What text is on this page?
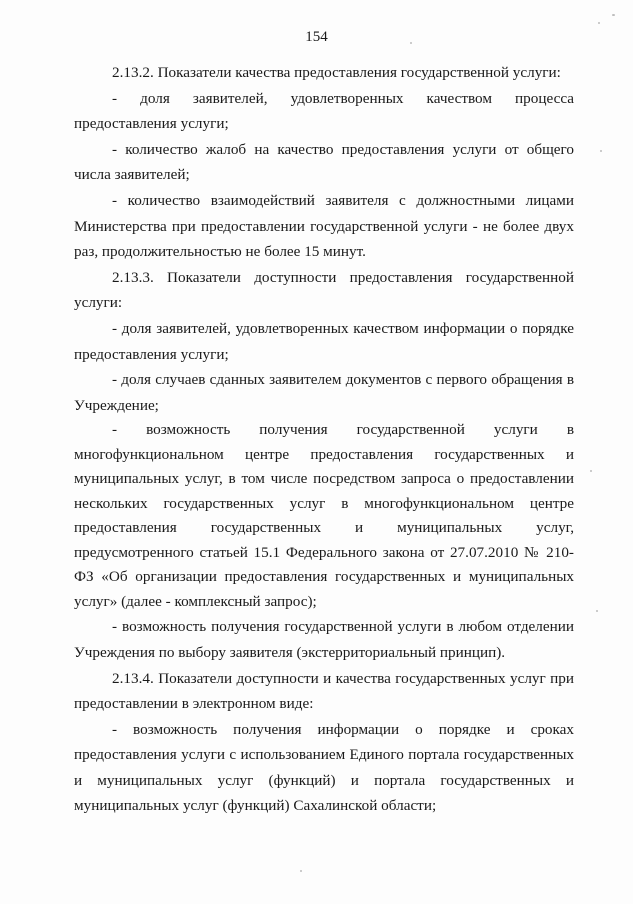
154

2.13.2. Показатели качества предоставления государственной услуги:

- доля заявителей, удовлетворенных качеством процесса предоставления услуги;

- количество жалоб на качество предоставления услуги от общего числа заявителей;

- количество взаимодействий заявителя с должностными лицами Министерства при предоставлении государственной услуги - не более двух раз, продолжительностью не более 15 минут.

2.13.3. Показатели доступности предоставления государственной услуги:

- доля заявителей, удовлетворенных качеством информации о порядке предоставления услуги;

- доля случаев сданных заявителем документов с первого обращения в Учреждение;

- возможность получения государственной услуги в многофункциональном центре предоставления государственных и муниципальных услуг, в том числе посредством запроса о предоставлении нескольких государственных услуг в многофункциональном центре предоставления государственных и муниципальных услуг, предусмотренного статьей 15.1 Федерального закона от 27.07.2010 № 210-ФЗ «Об организации предоставления государственных и муниципальных услуг» (далее - комплексный запрос);

- возможность получения государственной услуги в любом отделении Учреждения по выбору заявителя (экстерриториальный принцип).

2.13.4. Показатели доступности и качества государственных услуг при предоставлении в электронном виде:

- возможность получения информации о порядке и сроках предоставления услуги с использованием Единого портала государственных и муниципальных услуг (функций) и портала государственных и муниципальных услуг (функций) Сахалинской области;
